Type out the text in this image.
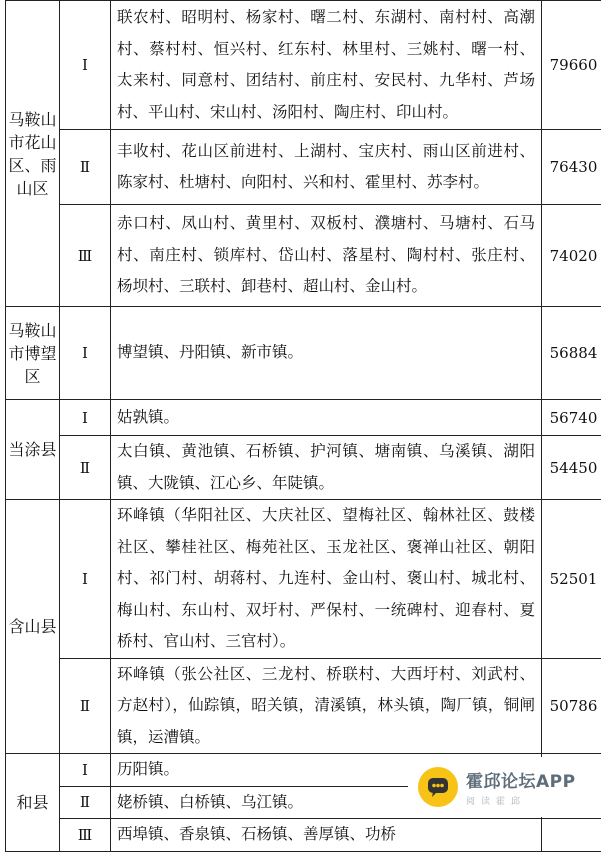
马鞍山市花山区、雨山区	Ⅰ	联农村、昭明村、杨家村、曙二村、东湖村、南村村、高潮村、蔡村村、恒兴村、红东村、林里村、三姚村、曙一村、太来村、同意村、团结村、前庄村、安民村、九华村、芦场村、平山村、宋山村、汤阳村、陶庄村、印山村。	79660
	Ⅱ	丰收村、花山区前进村、上湖村、宝庆村、雨山区前进村、陈家村、杜塘村、向阳村、兴和村、霍里村、苏李村。	76430
	Ⅲ	赤口村、凤山村、黄里村、双板村、濮塘村、马塘村、石马村、南庄村、锁库村、岱山村、落星村、陶村村、张庄村、杨坝村、三联村、卸巷村、超山村、金山村。	74020
马鞍山市博望区	Ⅰ	博望镇、丹阳镇、新市镇。	56884
当涂县	Ⅰ	姑孰镇。	56740
	Ⅱ	太白镇、黄池镇、石桥镇、护河镇、塘南镇、乌溪镇、湖阳镇、大陇镇、江心乡、年陡镇。	54450
含山县	Ⅰ	环峰镇（华阳社区、大庆社区、望梅社区、翰林社区、鼓楼社区、攀桂社区、梅苑社区、玉龙社区、褒禅山社区、朝阳村、祁门村、胡蒋村、九连村、金山村、褒山村、城北村、梅山村、东山村、双圩村、严保村、一统碑村、迎春村、夏桥村、官山村、三官村）。	52501
	Ⅱ	环峰镇（张公社区、三龙村、桥联村、大西圩村、刘武村、方赵村），仙踪镇，昭关镇，清溪镇，林头镇，陶厂镇，铜闸镇，运漕镇。	50786
和县	Ⅰ	历阳镇。	
	Ⅱ	姥桥镇、白桥镇、乌江镇。	
	Ⅲ	西埠镇、香泉镇、石杨镇、善厚镇、功桥	
霍邱论坛APP
阅读霍邱
